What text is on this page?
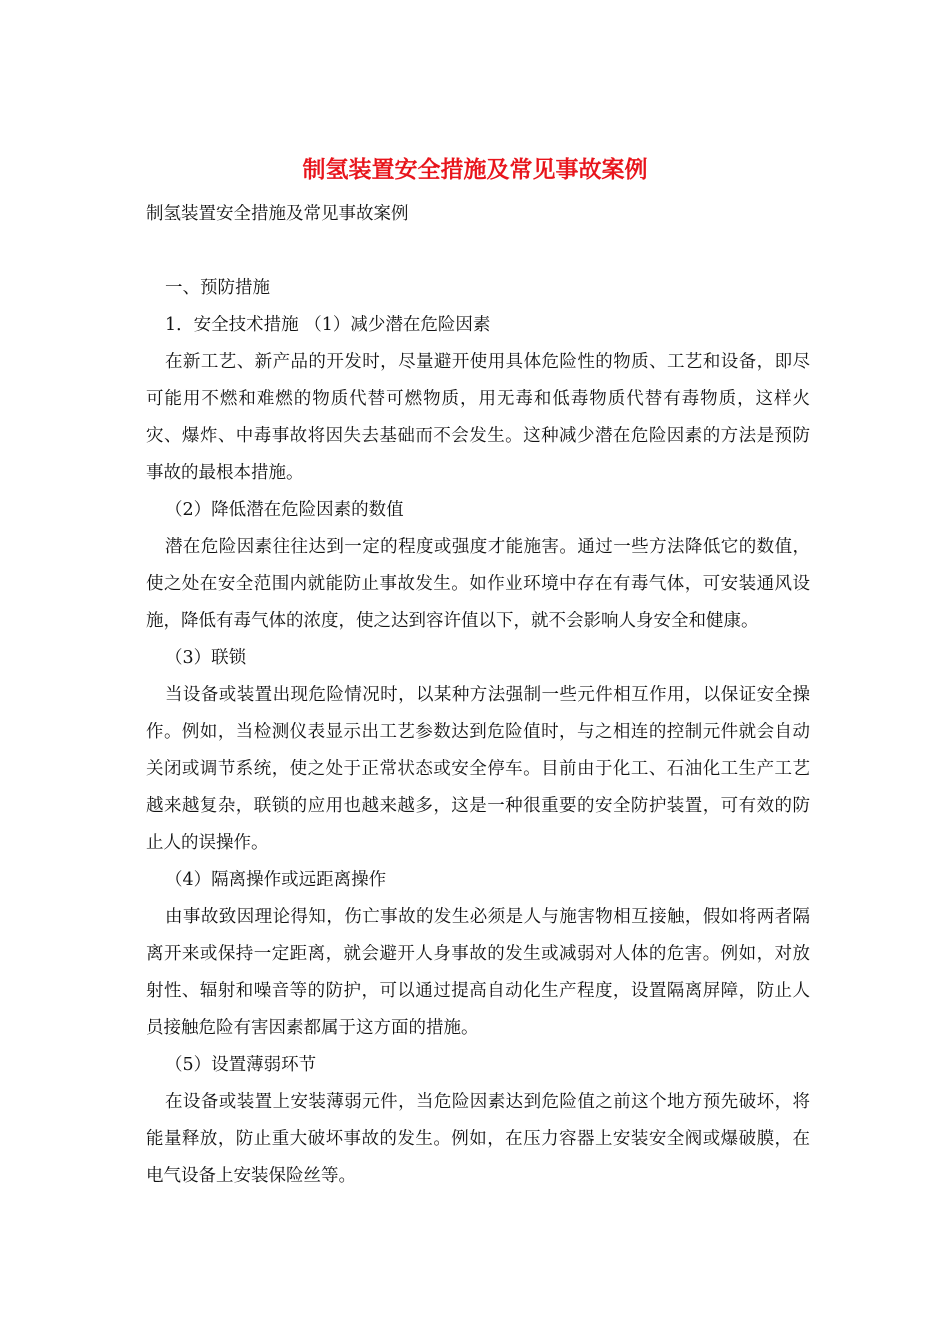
制氢装置安全措施及常见事故案例

制氢装置安全措施及常见事故案例

一、预防措施

1．安全技术措施 （1）减少潜在危险因素

在新工艺、新产品的开发时，尽量避开使用具体危险性的物质、工艺和设备，即尽可能用不燃和难燃的物质代替可燃物质，用无毒和低毒物质代替有毒物质，这样火灾、爆炸、中毒事故将因失去基础而不会发生。这种减少潜在危险因素的方法是预防事故的最根本措施。

（2）降低潜在危险因素的数值

潜在危险因素往往达到一定的程度或强度才能施害。通过一些方法降低它的数值，使之处在安全范围内就能防止事故发生。如作业环境中存在有毒气体，可安装通风设施，降低有毒气体的浓度，使之达到容许值以下，就不会影响人身安全和健康。

（3）联锁

当设备或装置出现危险情况时，以某种方法强制一些元件相互作用，以保证安全操作。例如，当检测仪表显示出工艺参数达到危险值时，与之相连的控制元件就会自动关闭或调节系统，使之处于正常状态或安全停车。目前由于化工、石油化工生产工艺越来越复杂，联锁的应用也越来越多，这是一种很重要的安全防护装置，可有效的防止人的误操作。

（4）隔离操作或远距离操作

由事故致因理论得知，伤亡事故的发生必须是人与施害物相互接触，假如将两者隔离开来或保持一定距离，就会避开人身事故的发生或减弱对人体的危害。例如，对放射性、辐射和噪音等的防护，可以通过提高自动化生产程度，设置隔离屏障，防止人员接触危险有害因素都属于这方面的措施。

（5）设置薄弱环节

在设备或装置上安装薄弱元件，当危险因素达到危险值之前这个地方预先破坏，将能量释放，防止重大破坏事故的发生。例如，在压力容器上安装安全阀或爆破膜，在电气设备上安装保险丝等。
